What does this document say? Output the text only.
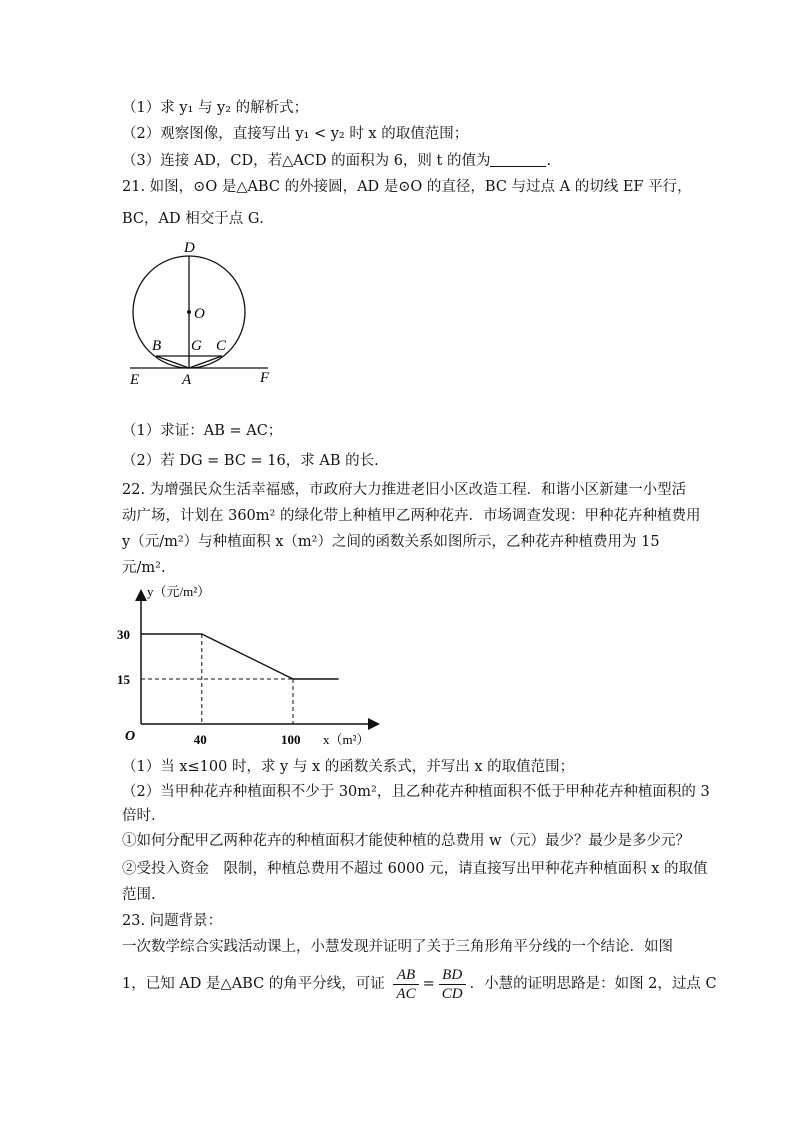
（1）求 y₁ 与 y₂ 的解析式；
（2）观察图像，直接写出 y₁ < y₂ 时 x 的取值范围；
（3）连接 AD，CD，若△ACD 的面积为 6，则 t 的值为	.
21. 如图，⊙O 是△ABC 的外接圆，AD 是⊙O 的直径，BC 与过点 A 的切线 EF 平行，
BC，AD 相交于点 G．
D
O
B G C
E	A	F
（1）求证：AB = AC；
（2）若 DG = BC = 16，求 AB 的长.
22. 为增强民众生活幸福感，市政府大力推进老旧小区改造工程．和谐小区新建一小型活
动广场，计划在 360m² 的绿化带上种植甲乙两种花卉．市场调查发现：甲种花卉种植费用
y（元/m²）与种植面积 x（m²）之间的函数关系如图所示，乙种花卉种植费用为 15
元/m².
y（元/m²）
x（m²）
O	40	100
30
15
（1）当 x≤100 时，求 y 与 x 的函数关系式，并写出 x 的取值范围；
（2）当甲种花卉种植面积不少于 30m²，且乙种花卉种植面积不低于甲种花卉种植面积的 3
倍时．
①如何分配甲乙两种花卉的种植面积才能使种植的总费用 w（元）最少？最少是多少元？
②受投入资金　限制，种植总费用不超过 6000 元，请直接写出甲种花卉种植面积 x 的取值
范围.
23. 问题背景：
一次数学综合实践活动课上，小慧发现并证明了关于三角形角平分线的一个结论．如图
1，已知 AD 是△ABC 的角平分线，可证 $\frac{AB}{AC} = \frac{BD}{CD}$ ．小慧的证明思路是：如图 2，过点 C
